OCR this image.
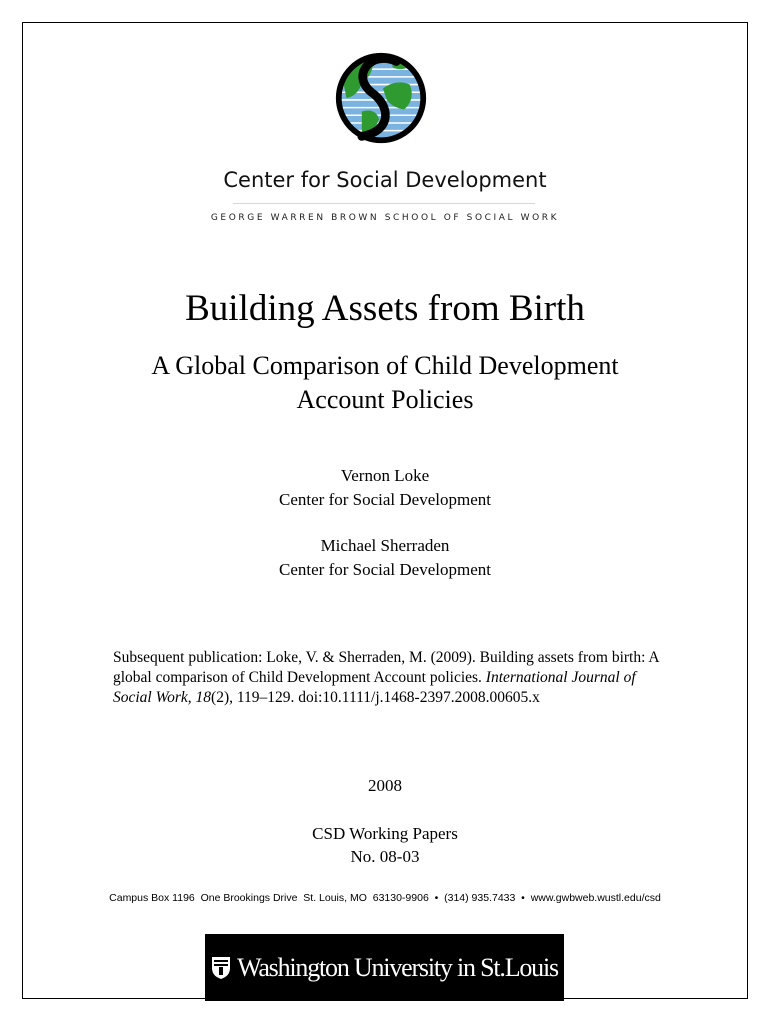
Center for Social Development
GEORGE WARREN BROWN SCHOOL OF SOCIAL WORK
Building Assets from Birth
A Global Comparison of Child Development
Account Policies
Vernon Loke
Center for Social Development
Michael Sherraden
Center for Social Development
Subsequent publication: Loke, V. & Sherraden, M. (2009). Building assets from birth: A global comparison of Child Development Account policies. International Journal of Social Work, 18(2), 119–129. doi:10.1111/j.1468-2397.2008.00605.x
2008
CSD Working Papers
No. 08-03
Campus Box 1196  One Brookings Drive  St. Louis, MO  63130-9906  •  (314) 935.7433  •  www.gwbweb.wustl.edu/csd
Washington University in St.Louis
